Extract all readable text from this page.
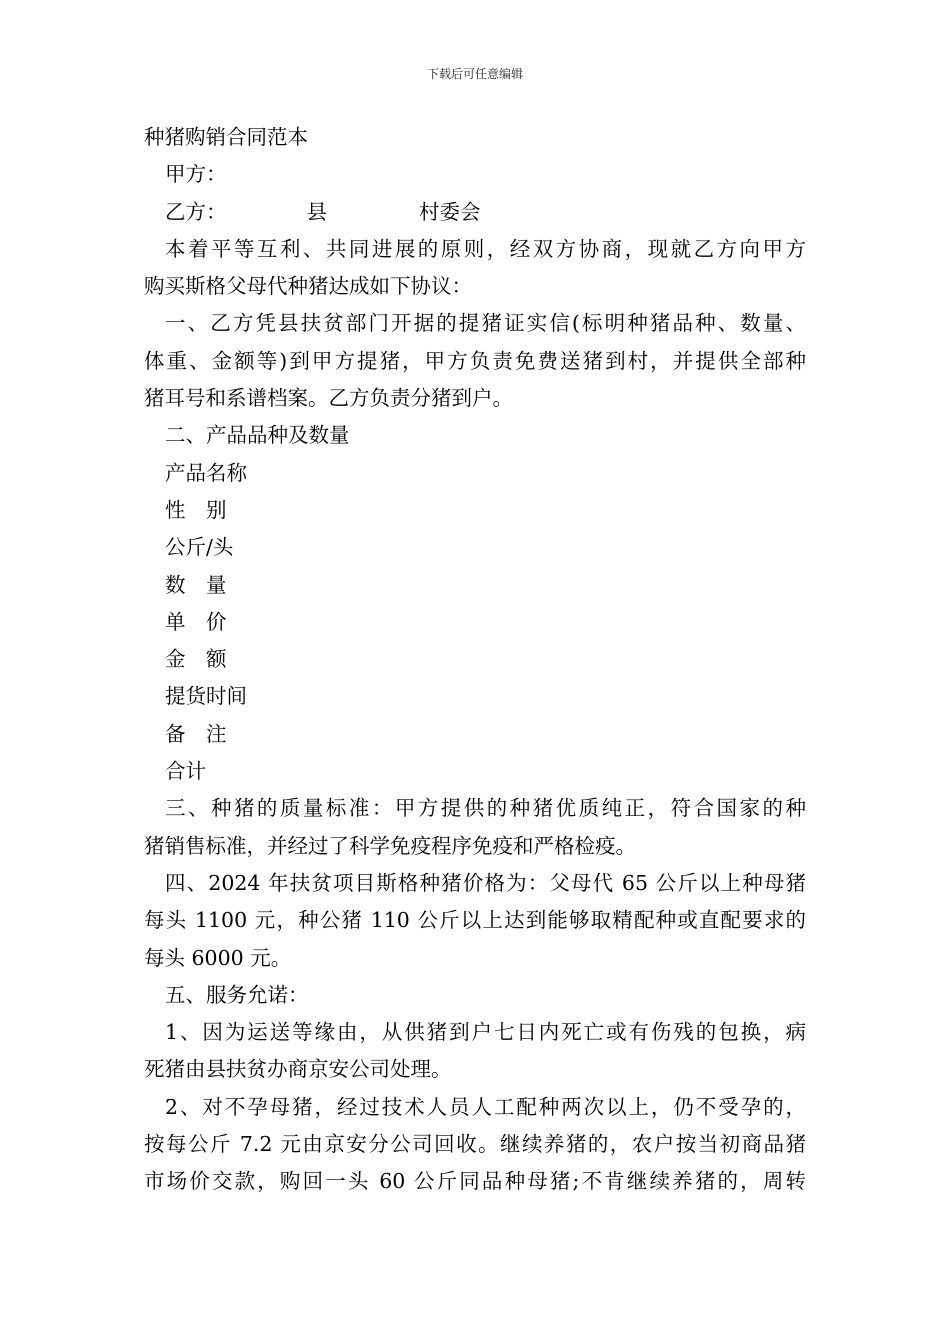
下载后可任意编辑
种猪购销合同范本
甲方：
乙方：	县	村委会
本着平等互利、共同进展的原则，经双方协商，现就乙方向甲方
购买斯格父母代种猪达成如下协议：
一、乙方凭县扶贫部门开据的提猪证实信(标明种猪品种、数量、
体重、金额等)到甲方提猪，甲方负责免费送猪到村，并提供全部种
猪耳号和系谱档案。乙方负责分猪到户。
二、产品品种及数量
产品名称
性　别
公斤/头
数　量
单　价
金　额
提货时间
备　注
合计
三、种猪的质量标准：甲方提供的种猪优质纯正，符合国家的种
猪销售标准，并经过了科学免疫程序免疫和严格检疫。
四、2024 年扶贫项目斯格种猪价格为：父母代 65 公斤以上种母猪
每头 1100 元，种公猪 110 公斤以上达到能够取精配种或直配要求的
每头 6000 元。
五、服务允诺：
1、因为运送等缘由，从供猪到户七日内死亡或有伤残的包换，病
死猪由县扶贫办商京安公司处理。
2、对不孕母猪，经过技术人员人工配种两次以上，仍不受孕的，
按每公斤 7.2 元由京安分公司回收。继续养猪的，农户按当初商品猪
市场价交款，购回一头 60 公斤同品种母猪;不肯继续养猪的，周转
